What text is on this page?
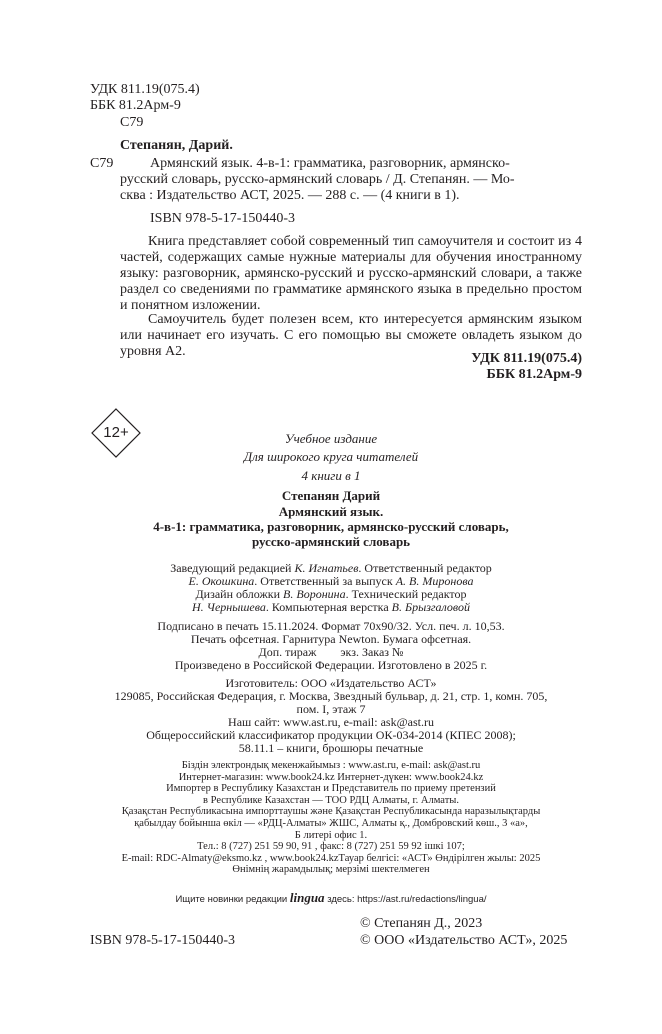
УДК 811.19(075.4)
ББК 81.2Арм-9
С79
Степанян, Дарий.
С79	Армянский язык. 4-в-1: грамматика, разговорник, армянско-
русский словарь, русско-армянский словарь / Д. Степанян. — Мо-
сква : Издательство АСТ, 2025. — 288 с. — (4 книги в 1).
ISBN 978-5-17-150440-3

Книга представляет собой современный тип самоучителя и состоит из 4 частей, содержащих самые нужные материалы для обучения иностранному языку: разговорник, армянско-русский и русско-армянский словари, а также раздел со сведениями по грамматике армянского языка в предельно простом и понятном изложении.

Самоучитель будет полезен всем, кто интересуется армянским языком или начинает его изучать. С его помощью вы сможете овладеть языком до уровня А2.	УДК 811.19(075.4)
ББК 81.2Арм-9
12+	Учебное издание
Для широкого круга читателей
4 книги в 1
Степанян Дарий
Армянский язык.
4-в-1: грамматика, разговорник, армянско-русский словарь,
русско-армянский словарь
Заведующий редакцией К. Игнатьев. Ответственный редактор
Е. Окошкина. Ответственный за выпуск А. В. Миронова
Дизайн обложки В. Воронина. Технический редактор
Н. Чернышева. Компьютерная верстка В. Брызгаловой
Подписано в печать 15.11.2024. Формат 70x90/32. Усл. печ. л. 10,53.
Печать офсетная. Гарнитура Newton. Бумага офсетная.
Доп. тираж        экз. Заказ №
Произведено в Российской Федерации. Изготовлено в 2025 г.
Изготовитель: ООО «Издательство АСТ»
129085, Российская Федерация, г. Москва, Звездный бульвар, д. 21, стр. 1, комн. 705,
пом. I, этаж 7
Наш сайт: www.ast.ru, e-mail: ask@ast.ru
Общероссийский классификатор продукции ОК-034-2014 (КПЕС 2008);
58.11.1 – книги, брошюры печатные
Біздін электрондық мекенжайымыз : www.ast.ru, e-mail: ask@ast.ru
Интернет-магазин: www.book24.kz Интернет-дүкен: www.book24.kz
Импортер в Республику Казахстан и Представитель по приему претензий
в Республике Казахстан — ТОО РДЦ Алматы, г. Алматы.
Қазақстан Республикасына импорттаушы және Қазақстан Республикасында наразылықтарды
қабылдау бойынша өкіл — «РДЦ-Алматы» ЖШС, Алматы қ., Домбровский көш., 3 «а»,
Б литері офис 1.
Тел.: 8 (727) 251 59 90, 91 , факс: 8 (727) 251 59 92 ішкі 107;
E-mail: RDC-Almaty@eksmo.kz , www.book24.kzТауар белгісі: «АСТ» Өндірілген жылы: 2025
Өнімнің жарамдылық; мерзімі шектелмеген
Ищите новинки редакции lingua здесь: https://ast.ru/redactions/lingua/
ISBN 978-5-17-150440-3
© Степанян Д., 2023
© ООО «Издательство АСТ», 2025
